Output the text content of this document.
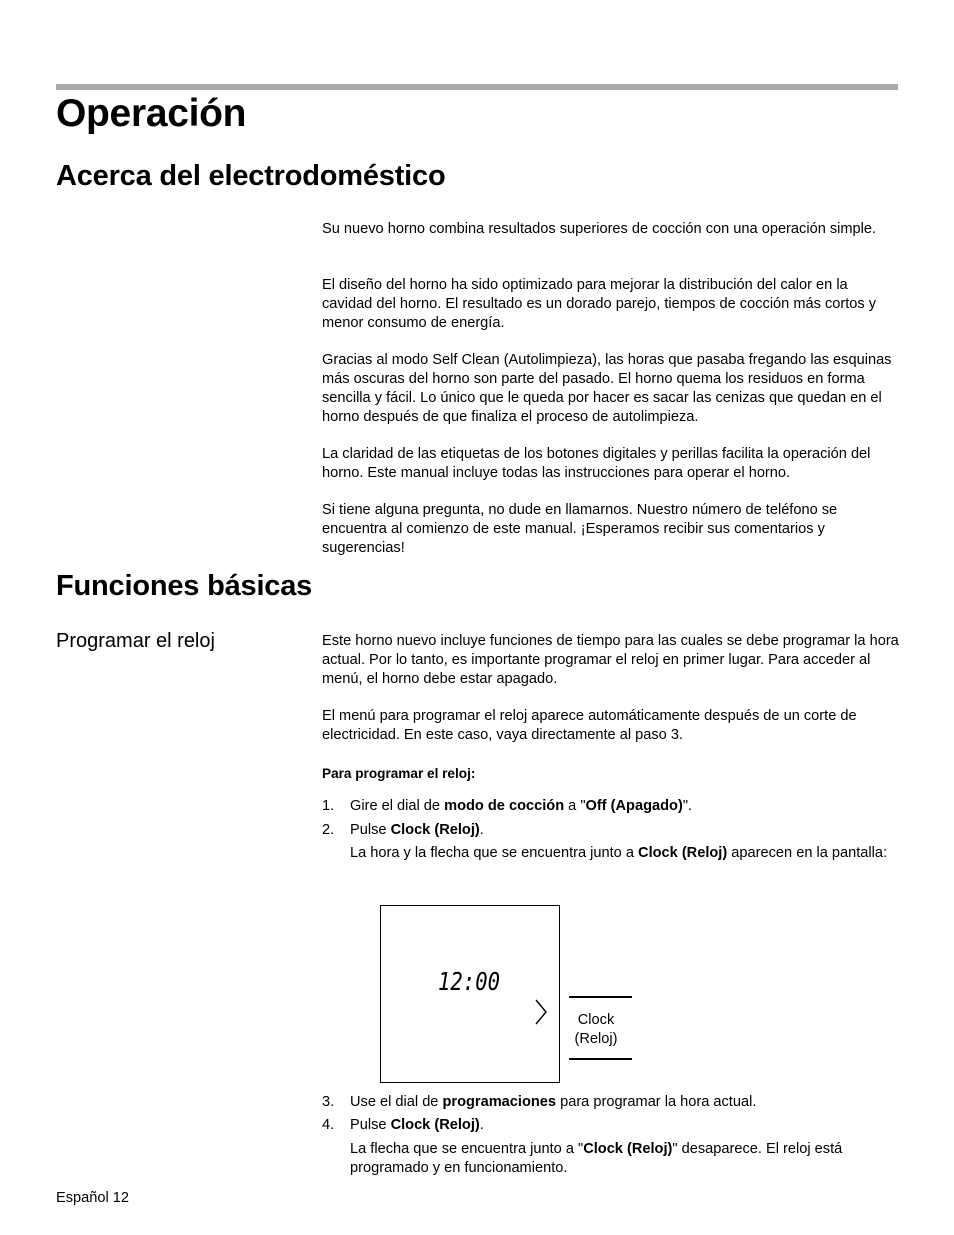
Operación
Acerca del electrodoméstico

Su nuevo horno combina resultados superiores de cocción con una operación simple.

El diseño del horno ha sido optimizado para mejorar la distribución del calor en la cavidad del horno. El resultado es un dorado parejo, tiempos de cocción más cortos y menor consumo de energía.

Gracias al modo Self Clean (Autolimpieza), las horas que pasaba fregando las esquinas más oscuras del horno son parte del pasado. El horno quema los residuos en forma sencilla y fácil. Lo único que le queda por hacer es sacar las cenizas que quedan en el horno después de que finaliza el proceso de autolimpieza.

La claridad de las etiquetas de los botones digitales y perillas facilita la operación del horno. Este manual incluye todas las instrucciones para operar el horno.

Si tiene alguna pregunta, no dude en llamarnos. Nuestro número de teléfono se encuentra al comienzo de este manual. ¡Esperamos recibir sus comentarios y sugerencias!

Funciones básicas
Programar el reloj	Este horno nuevo incluye funciones de tiempo para las cuales se debe programar la hora actual. Por lo tanto, es importante programar el reloj en primer lugar. Para acceder al menú, el horno debe estar apagado.

El menú para programar el reloj aparece automáticamente después de un corte de electricidad. En este caso, vaya directamente al paso 3.

Para programar el reloj:

1. Gire el dial de modo de cocción a "Off (Apagado)".
2. Pulse Clock (Reloj).

La hora y la flecha que se encuentra junto a Clock (Reloj) aparecen en la pantalla:

12:00
Clock
(Reloj)
3. Use el dial de programaciones para programar la hora actual.
4. Pulse Clock (Reloj).

La flecha que se encuentra junto a "Clock (Reloj)" desaparece. El reloj está programado y en funcionamiento.

Español 12
